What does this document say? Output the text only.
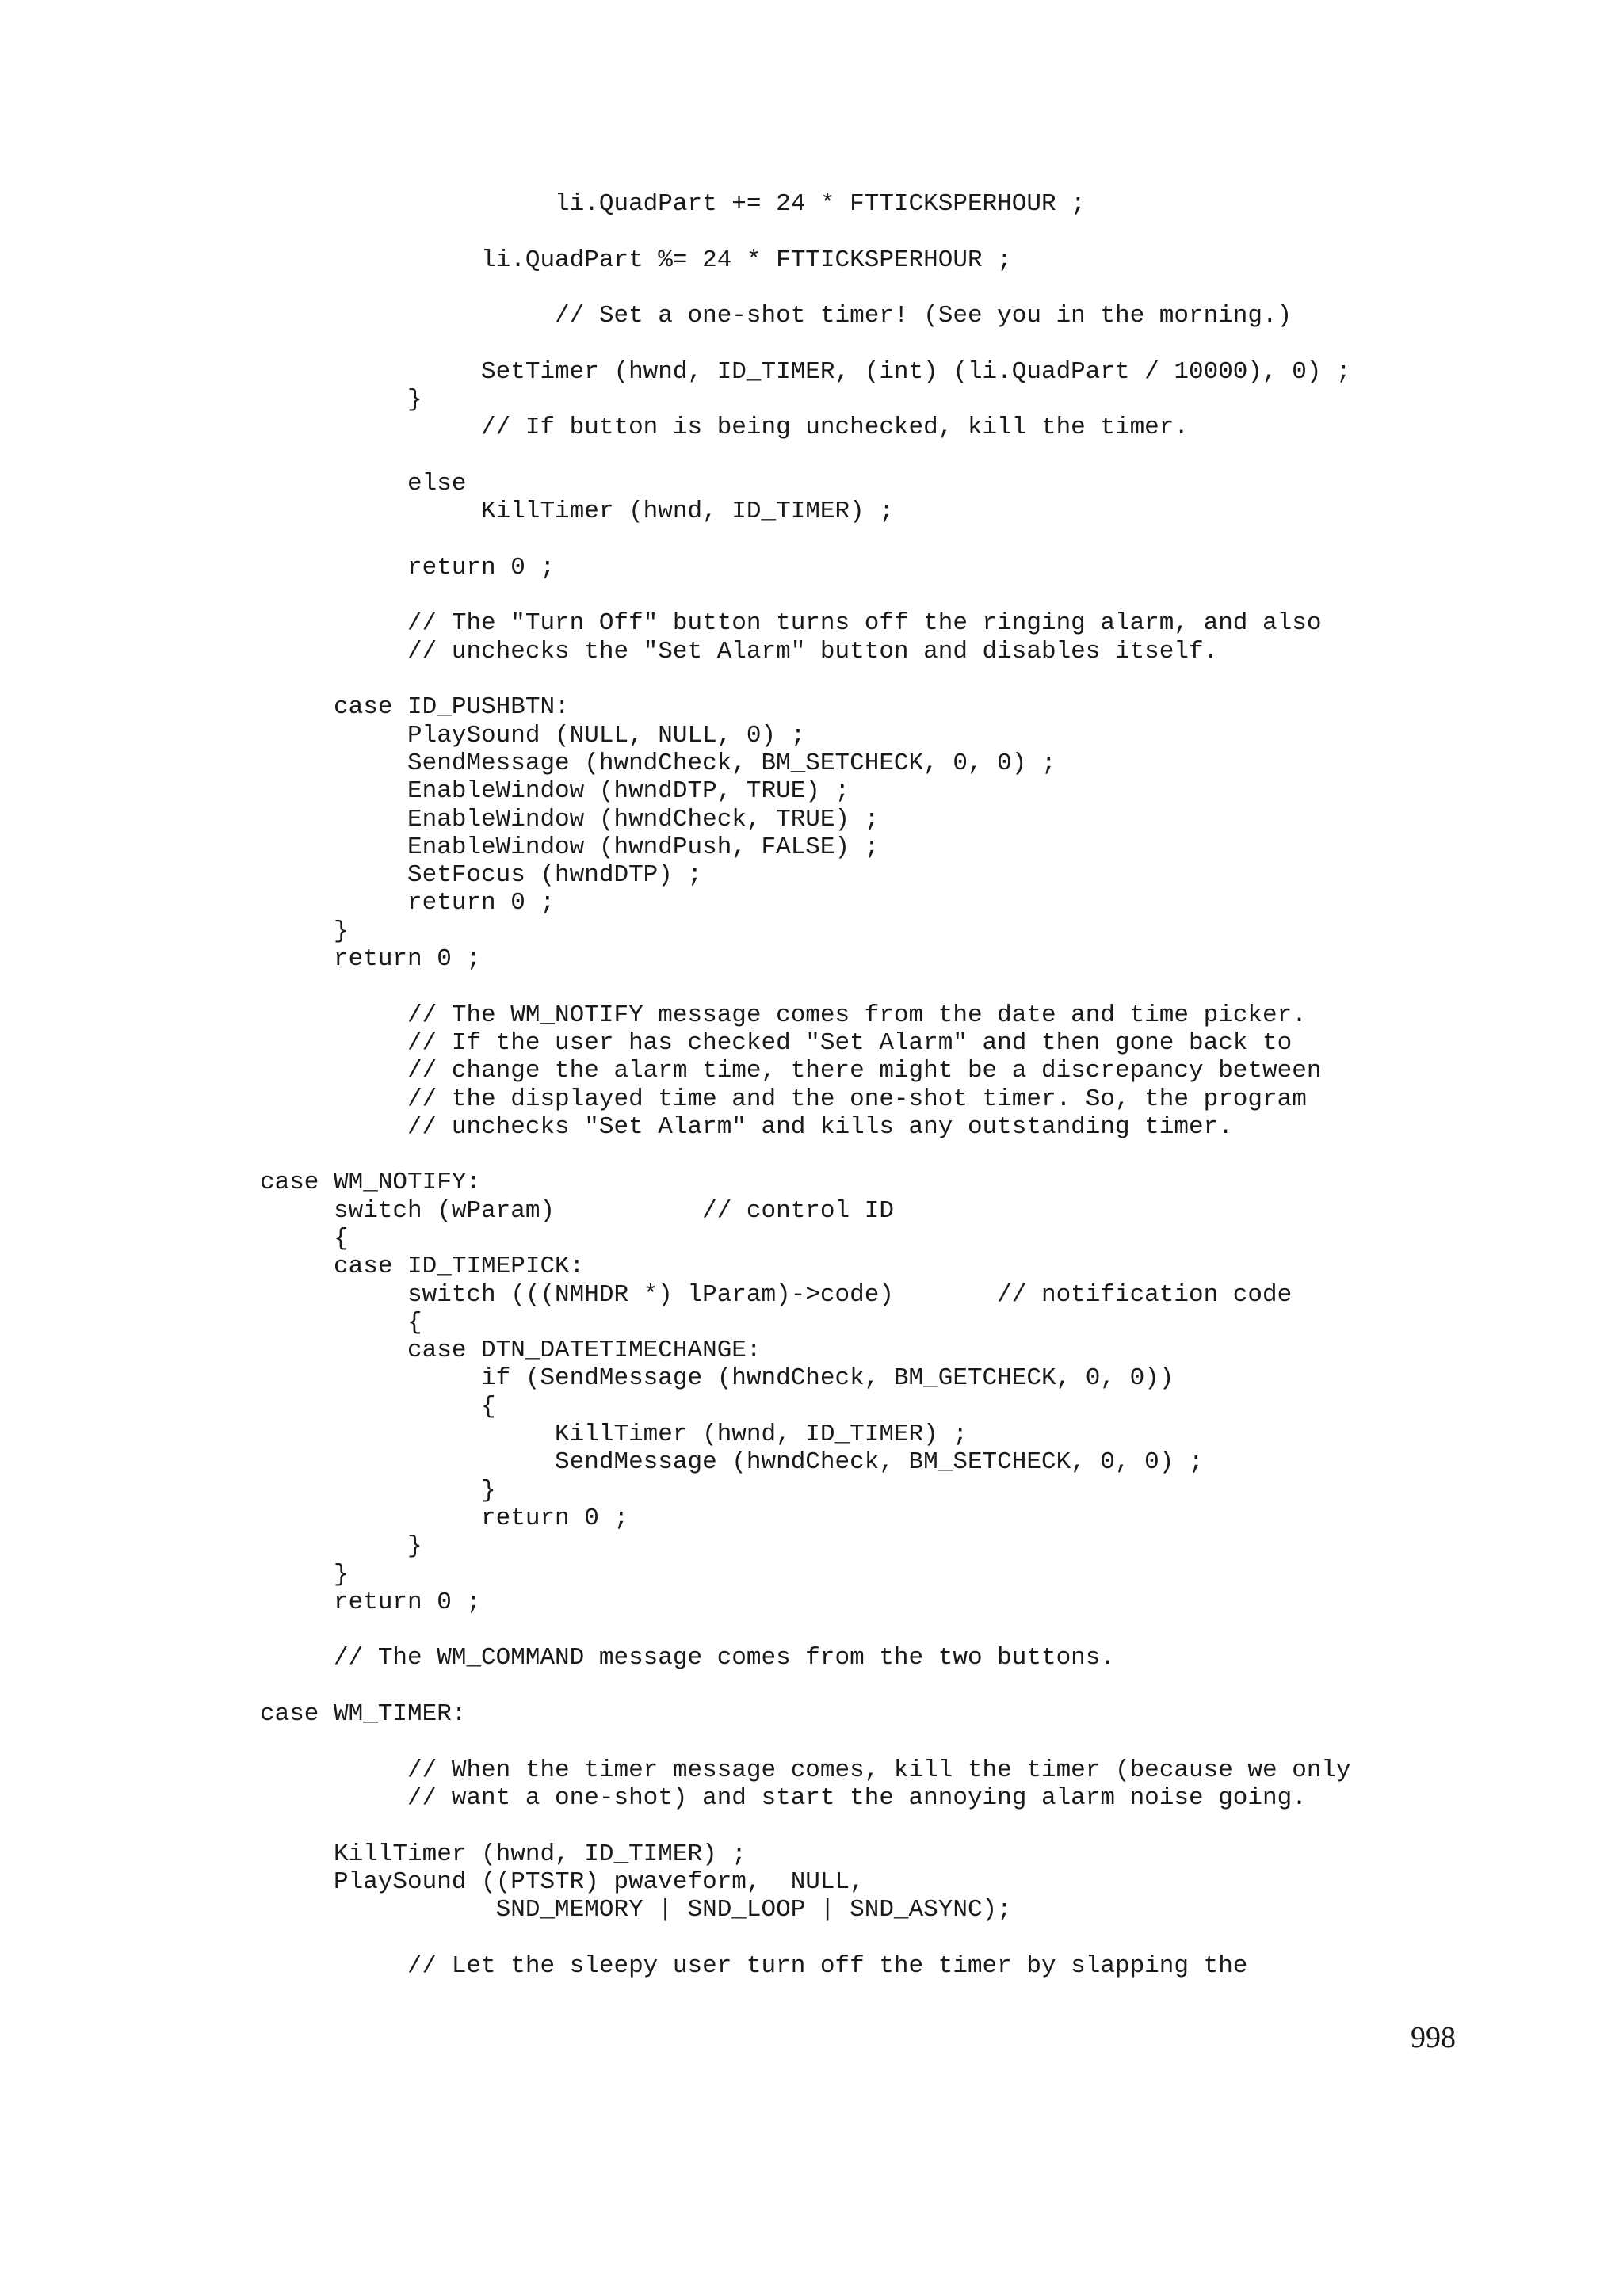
li.QuadPart += 24 * FTTICKSPERHOUR ;

li.QuadPart %= 24 * FTTICKSPERHOUR ;

// Set a one-shot timer! (See you in the morning.)

SetTimer (hwnd, ID_TIMER, (int) (li.QuadPart / 10000), 0) ;
}
// If button is being unchecked, kill the timer.

else
KillTimer (hwnd, ID_TIMER) ;

return 0 ;

// The "Turn Off" button turns off the ringing alarm, and also
// unchecks the "Set Alarm" button and disables itself.

case ID_PUSHBTN:
PlaySound (NULL, NULL, 0) ;
SendMessage (hwndCheck, BM_SETCHECK, 0, 0) ;
EnableWindow (hwndDTP, TRUE) ;
EnableWindow (hwndCheck, TRUE) ;
EnableWindow (hwndPush, FALSE) ;
SetFocus (hwndDTP) ;
return 0 ;
}
return 0 ;

// The WM_NOTIFY message comes from the date and time picker.
// If the user has checked "Set Alarm" and then gone back to
// change the alarm time, there might be a discrepancy between
// the displayed time and the one-shot timer. So, the program
// unchecks "Set Alarm" and kills any outstanding timer.

case WM_NOTIFY:
switch (wParam)          // control ID
{
case ID_TIMEPICK:
switch (((NMHDR *) lParam)->code)       // notification code
{
case DTN_DATETIMECHANGE:
if (SendMessage (hwndCheck, BM_GETCHECK, 0, 0))
{
KillTimer (hwnd, ID_TIMER) ;
SendMessage (hwndCheck, BM_SETCHECK, 0, 0) ;
}
return 0 ;
}
}
return 0 ;

// The WM_COMMAND message comes from the two buttons.

case WM_TIMER:

// When the timer message comes, kill the timer (because we only
// want a one-shot) and start the annoying alarm noise going.

KillTimer (hwnd, ID_TIMER) ;
PlaySound ((PTSTR) pwaveform,  NULL,
SND_MEMORY | SND_LOOP | SND_ASYNC);

// Let the sleepy user turn off the timer by slapping the
998
